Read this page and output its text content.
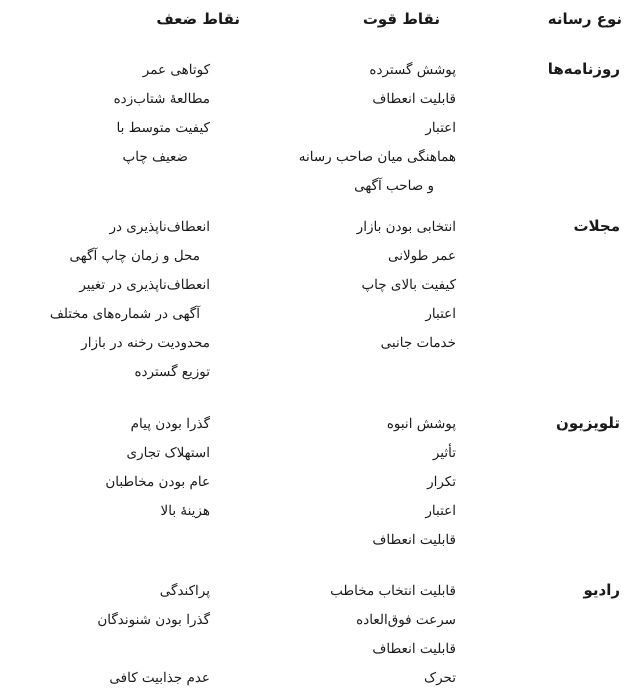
نوع رسانه
نقاط قوت
نقاط ضعف
روزنامه‌ها
پوشش گسترده
قابلیت انعطاف
اعتبار
هماهنگی میان صاحب رسانه
و صاحب آگهی
کوتاهی عمر
مطالعهٔ شتاب‌زده
کیفیت متوسط با
ضعیف چاپ
مجلات
انتخابی بودن بازار
عمر طولانی
کیفیت بالای چاپ
اعتبار
خدمات جانبی
انعطاف‌ناپذیری در
محل و زمان چاپ آگهی
انعطاف‌ناپذیری در تغییر
آگهی در شماره‌های مختلف
محدودیت رخنه در بازار
توزیع گسترده
تلویزیون
پوشش انبوه
تأثیر
تکرار
اعتبار
قابلیت انعطاف
گذرا بودن پیام
استهلاک تجاری
عام بودن مخاطبان
هزینهٔ بالا
رادیو
قابلیت انتخاب مخاطب
سرعت فوق‌العاده
قابلیت انعطاف
تحرک
پراکندگی
گذرا بودن شنوندگان
عدم جذابیت کافی
